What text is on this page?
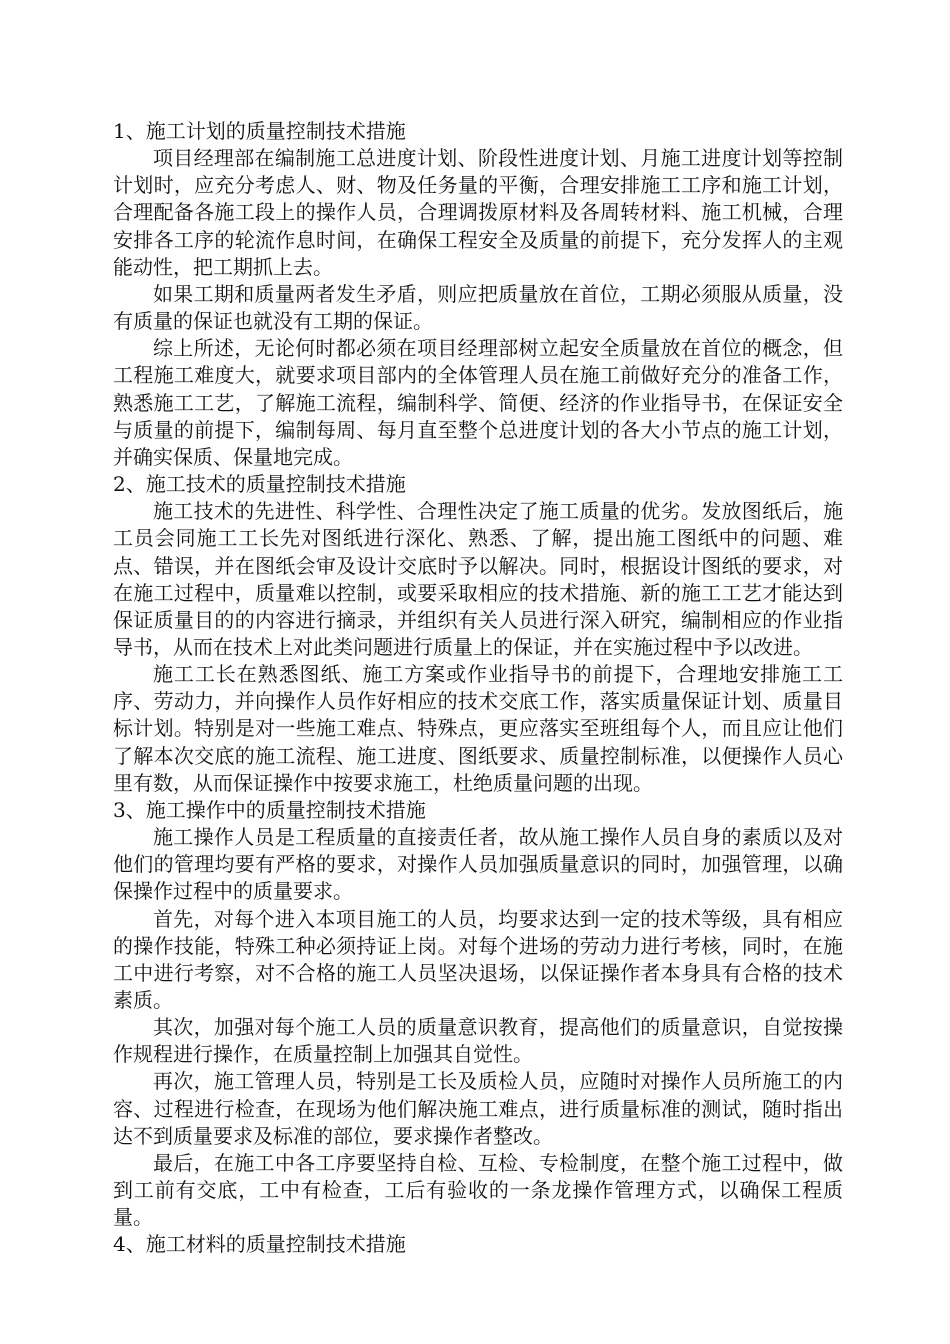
1、施工计划的质量控制技术措施

项目经理部在编制施工总进度计划、阶段性进度计划、月施工进度计划等控制计划时，应充分考虑人、财、物及任务量的平衡，合理安排施工工序和施工计划，合理配备各施工段上的操作人员，合理调拨原材料及各周转材料、施工机械，合理安排各工序的轮流作息时间，在确保工程安全及质量的前提下，充分发挥人的主观能动性，把工期抓上去。

如果工期和质量两者发生矛盾，则应把质量放在首位，工期必须服从质量，没有质量的保证也就没有工期的保证。

综上所述，无论何时都必须在项目经理部树立起安全质量放在首位的概念，但工程施工难度大，就要求项目部内的全体管理人员在施工前做好充分的准备工作，熟悉施工工艺，了解施工流程，编制科学、简便、经济的作业指导书，在保证安全与质量的前提下，编制每周、每月直至整个总进度计划的各大小节点的施工计划，并确实保质、保量地完成。

2、施工技术的质量控制技术措施

施工技术的先进性、科学性、合理性决定了施工质量的优劣。发放图纸后，施工员会同施工工长先对图纸进行深化、熟悉、了解，提出施工图纸中的问题、难点、错误，并在图纸会审及设计交底时予以解决。同时，根据设计图纸的要求，对在施工过程中，质量难以控制，或要采取相应的技术措施、新的施工工艺才能达到保证质量目的的内容进行摘录，并组织有关人员进行深入研究，编制相应的作业指导书，从而在技术上对此类问题进行质量上的保证，并在实施过程中予以改进。

施工工长在熟悉图纸、施工方案或作业指导书的前提下，合理地安排施工工序、劳动力，并向操作人员作好相应的技术交底工作，落实质量保证计划、质量目标计划。特别是对一些施工难点、特殊点，更应落实至班组每个人，而且应让他们了解本次交底的施工流程、施工进度、图纸要求、质量控制标准，以便操作人员心里有数，从而保证操作中按要求施工，杜绝质量问题的出现。

3、施工操作中的质量控制技术措施

施工操作人员是工程质量的直接责任者，故从施工操作人员自身的素质以及对他们的管理均要有严格的要求，对操作人员加强质量意识的同时，加强管理，以确保操作过程中的质量要求。

首先，对每个进入本项目施工的人员，均要求达到一定的技术等级，具有相应的操作技能，特殊工种必须持证上岗。对每个进场的劳动力进行考核，同时，在施工中进行考察，对不合格的施工人员坚决退场，以保证操作者本身具有合格的技术素质。

其次，加强对每个施工人员的质量意识教育，提高他们的质量意识，自觉按操作规程进行操作，在质量控制上加强其自觉性。

再次，施工管理人员，特别是工长及质检人员，应随时对操作人员所施工的内容、过程进行检查，在现场为他们解决施工难点，进行质量标准的测试，随时指出达不到质量要求及标准的部位，要求操作者整改。

最后，在施工中各工序要坚持自检、互检、专检制度，在整个施工过程中，做到工前有交底，工中有检查，工后有验收的一条龙操作管理方式，以确保工程质量。

4、施工材料的质量控制技术措施
